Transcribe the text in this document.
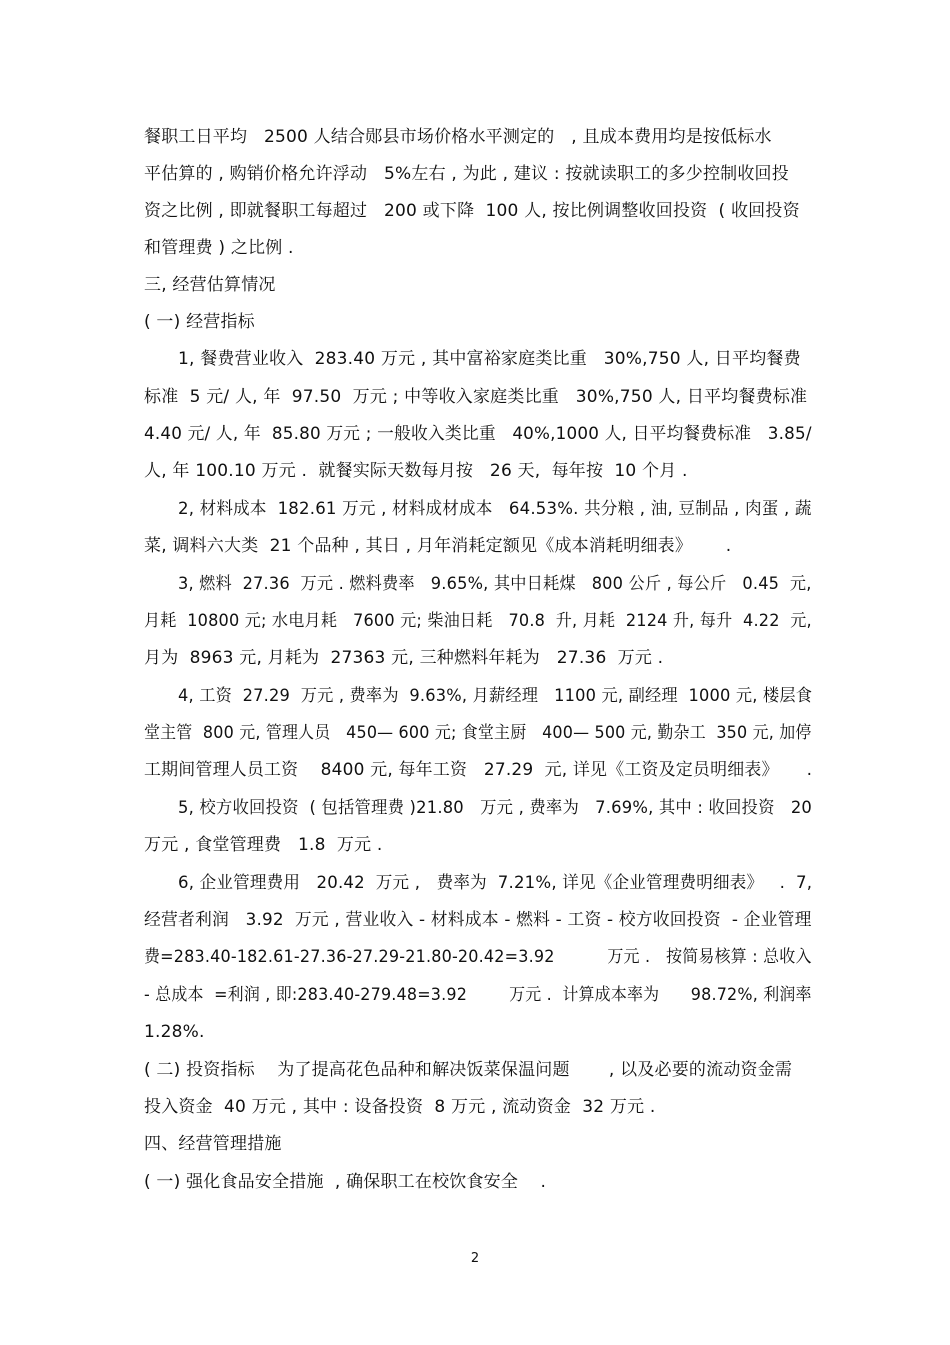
餐职工日平均   2500 人结合郧县市场价格水平测定的   , 且成本费用均是按低标水
平估算的 , 购销价格允许浮动   5%左右 , 为此 , 建议 : 按就读职工的多少控制收回投
资之比例 , 即就餐职工每超过   200 或下降  100 人, 按比例调整收回投资  ( 收回投资
和管理费 ) 之比例 .
三, 经营估算情况
( 一) 经营指标
1, 餐费营业收入  283.40 万元 , 其中富裕家庭类比重   30%,750 人, 日平均餐费
标准  5 元/ 人, 年  97.50  万元 ; 中等收入家庭类比重   30%,750 人, 日平均餐费标准
4.40 元/ 人, 年  85.80 万元 ; 一般收入类比重   40%,1000 人, 日平均餐费标准   3.85/
人, 年 100.10 万元 .  就餐实际天数每月按   26 天,  每年按  10 个月 .
2, 材料成本  182.61 万元 , 材料成材成本   64.53%. 共分粮 , 油, 豆制品 , 肉蛋 , 蔬
菜, 调料六大类  21 个品种 , 其日 , 月年消耗定额见《成本消耗明细表》      .
3, 燃料  27.36  万元 . 燃料费率   9.65%, 其中日耗煤   800 公斤 , 每公斤   0.45  元,
月耗  10800 元; 水电月耗   7600 元; 柴油日耗   70.8  升, 月耗  2124 升, 每升  4.22  元,
月为  8963 元, 月耗为  27363 元, 三种燃料年耗为   27.36  万元 .
4, 工资  27.29  万元 , 费率为  9.63%, 月薪经理   1100 元, 副经理  1000 元, 楼层食
堂主管  800 元, 管理人员   450— 600 元; 食堂主厨   400— 500 元, 勤杂工  350 元, 加停
工期间管理人员工资    8400 元, 每年工资   27.29  元, 详见《工资及定员明细表》     .
5, 校方收回投资  ( 包括管理费 )21.80   万元 , 费率为   7.69%, 其中 : 收回投资   20
万元 , 食堂管理费   1.8  万元 .
6, 企业管理费用   20.42  万元 ,   费率为  7.21%, 详见《企业管理费明细表》   .  7,
经营者利润   3.92  万元 , 营业收入 - 材料成本 - 燃料 - 工资 - 校方收回投资  - 企业管理
费=283.40-182.61-27.36-27.29-21.80-20.42=3.92          万元 .   按简易核算 : 总收入
- 总成本  =利润 , 即:283.40-279.48=3.92        万元 .  计算成本率为      98.72%, 利润率
1.28%.
( 二) 投资指标    为了提高花色品种和解决饭菜保温问题       , 以及必要的流动资金需
投入资金  40 万元 , 其中 : 设备投资  8 万元 , 流动资金  32 万元 .
四、经营管理措施
( 一) 强化食品安全措施  , 确保职工在校饮食安全    .
2
